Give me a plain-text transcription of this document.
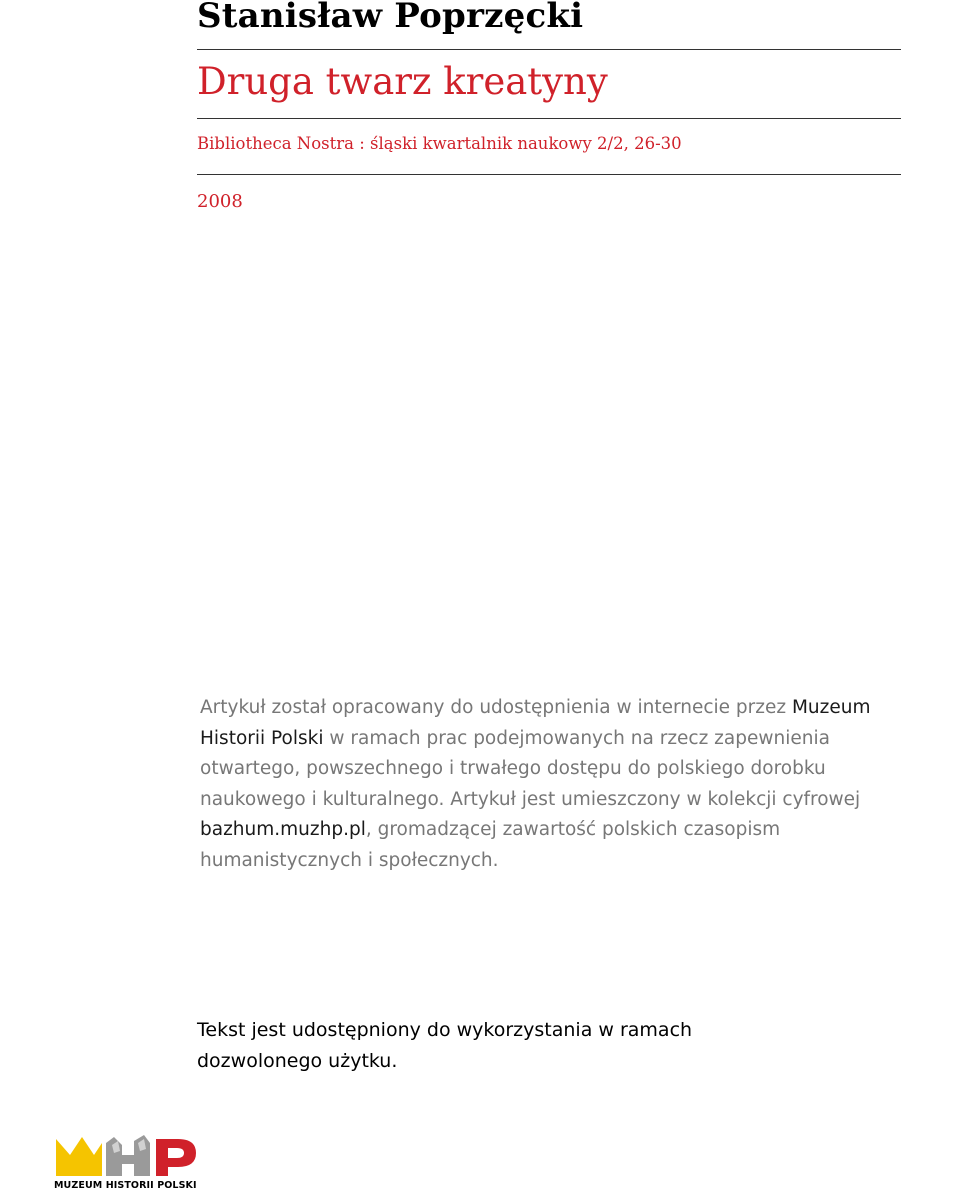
Stanisław Poprzęcki
Druga twarz kreatyny

Bibliotheca Nostra : śląski kwartalnik naukowy 2/2, 26-30

2008

Artykuł został opracowany do udostępnienia w internecie przez Muzeum Historii Polski w ramach prac podejmowanych na rzecz zapewnienia otwartego, powszechnego i trwałego dostępu do polskiego dorobku naukowego i kulturalnego. Artykuł jest umieszczony w kolekcji cyfrowej bazhum.muzhp.pl, gromadzącej zawartość polskich czasopism humanistycznych i społecznych.

Tekst jest udostępniony do wykorzystania w ramach dozwolonego użytku.

MUZEUM HISTORII POLSKI
